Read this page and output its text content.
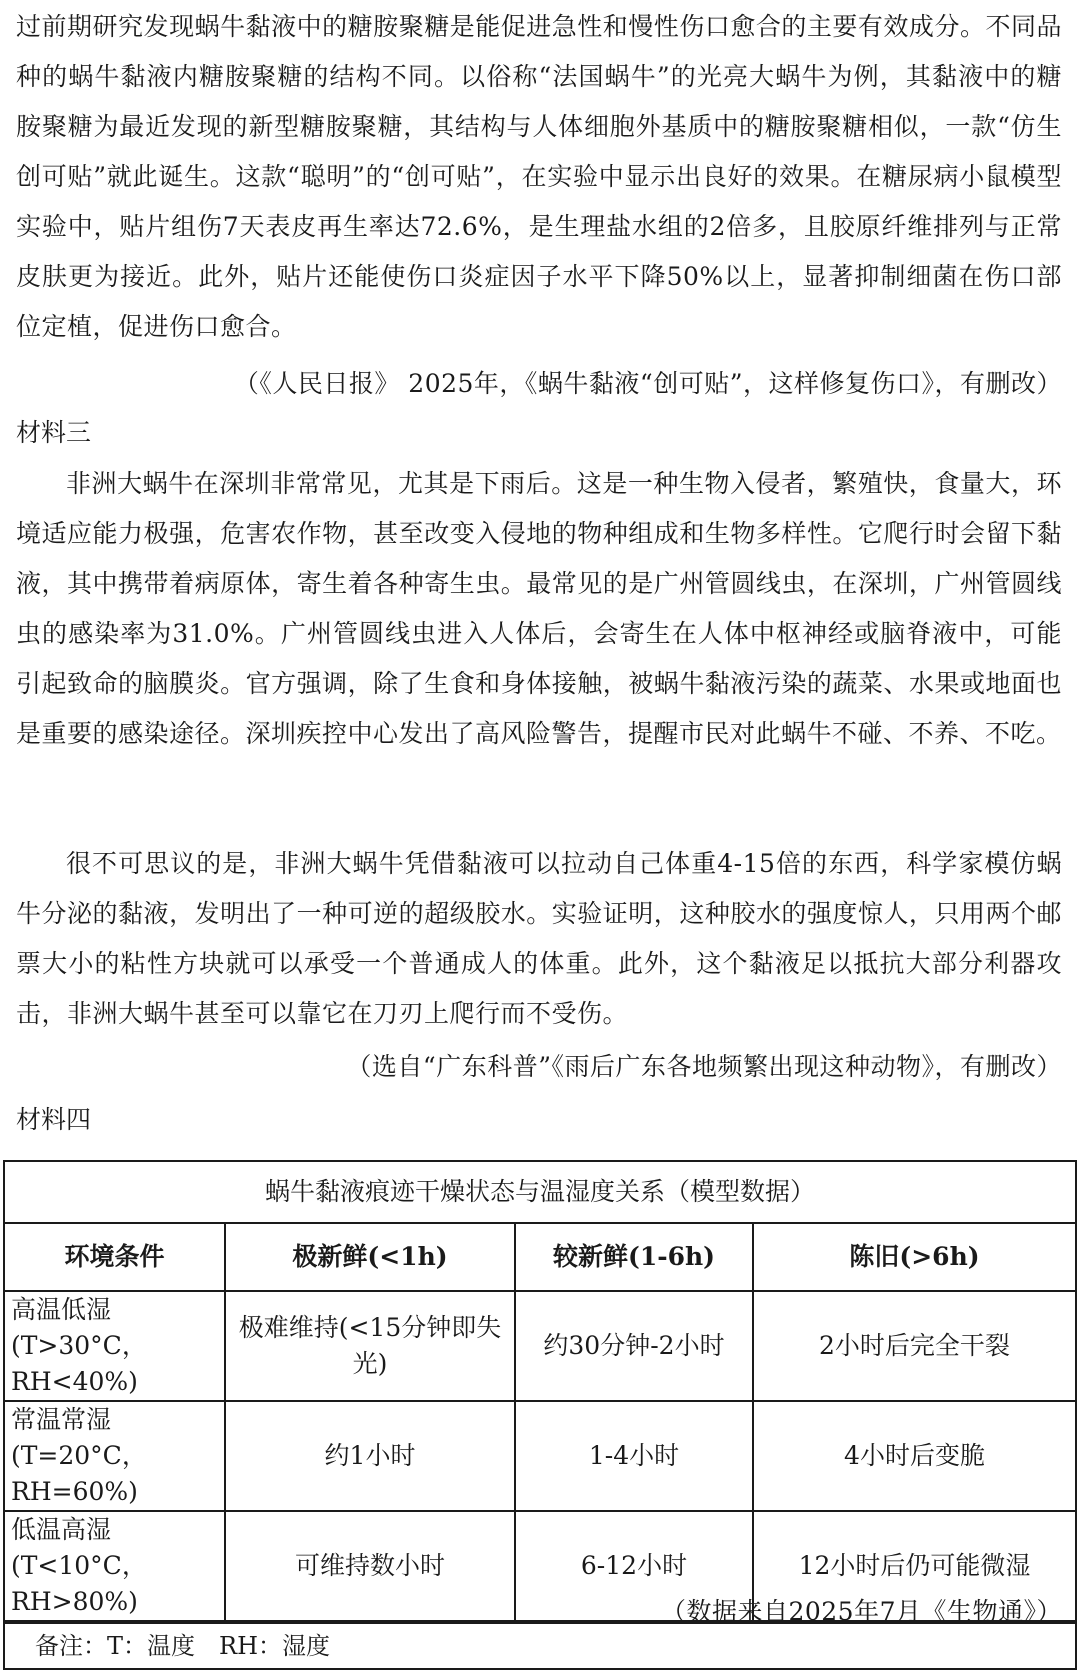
过前期研究发现蜗牛黏液中的糖胺聚糖是能促进急性和慢性伤口愈合的主要有效成分。不同品种的蜗牛黏液内糖胺聚糖的结构不同。以俗称“法国蜗牛”的光亮大蜗牛为例，其黏液中的糖胺聚糖为最近发现的新型糖胺聚糖，其结构与人体细胞外基质中的糖胺聚糖相似，一款“仿生创可贴”就此诞生。这款“聪明”的“创可贴”，在实验中显示出良好的效果。在糖尿病小鼠模型实验中，贴片组伤7天表皮再生率达72.6%，是生理盐水组的2倍多，且胶原纤维排列与正常皮肤更为接近。此外，贴片还能使伤口炎症因子水平下降50%以上，显著抑制细菌在伤口部位定植，促进伤口愈合。

（《人民日报》 2025年，《蜗牛黏液“创可贴”，这样修复伤口》，有删改）

材料三

非洲大蜗牛在深圳非常常见，尤其是下雨后。这是一种生物入侵者，繁殖快，食量大，环境适应能力极强，危害农作物，甚至改变入侵地的物种组成和生物多样性。它爬行时会留下黏液，其中携带着病原体，寄生着各种寄生虫。最常见的是广州管圆线虫，在深圳，广州管圆线虫的感染率为31.0%。广州管圆线虫进入人体后，会寄生在人体中枢神经或脑脊液中，可能引起致命的脑膜炎。官方强调，除了生食和身体接触，被蜗牛黏液污染的蔬菜、水果或地面也是重要的感染途径。深圳疾控中心发出了高风险警告，提醒市民对此蜗牛不碰、不养、不吃。

很不可思议的是，非洲大蜗牛凭借黏液可以拉动自己体重4-15倍的东西，科学家模仿蜗牛分泌的黏液，发明出了一种可逆的超级胶水。实验证明，这种胶水的强度惊人，只用两个邮票大小的粘性方块就可以承受一个普通成人的体重。此外，这个黏液足以抵抗大部分利器攻击，非洲大蜗牛甚至可以靠它在刀刃上爬行而不受伤。

（选自“广东科普”《雨后广东各地频繁出现这种动物》，有删改）

材料四

蜗牛黏液痕迹干燥状态与温湿度关系（模型数据）
环境条件	极新鲜(<1h)	较新鲜(1-6h)	陈旧(>6h)
高温低湿(T>30°C，RH<40%)	极难维持(<15分钟即失光)	约30分钟-2小时	2小时后完全干裂
常温常湿(T=20°C，RH=60%)	约1小时	1-4小时	4小时后变脆
低温高湿(T<10°C，RH>80%)	可维持数小时	6-12小时	12小时后仍可能微湿
备注：T：温度　RH：湿度

（数据来自2025年7月《生物通》）
